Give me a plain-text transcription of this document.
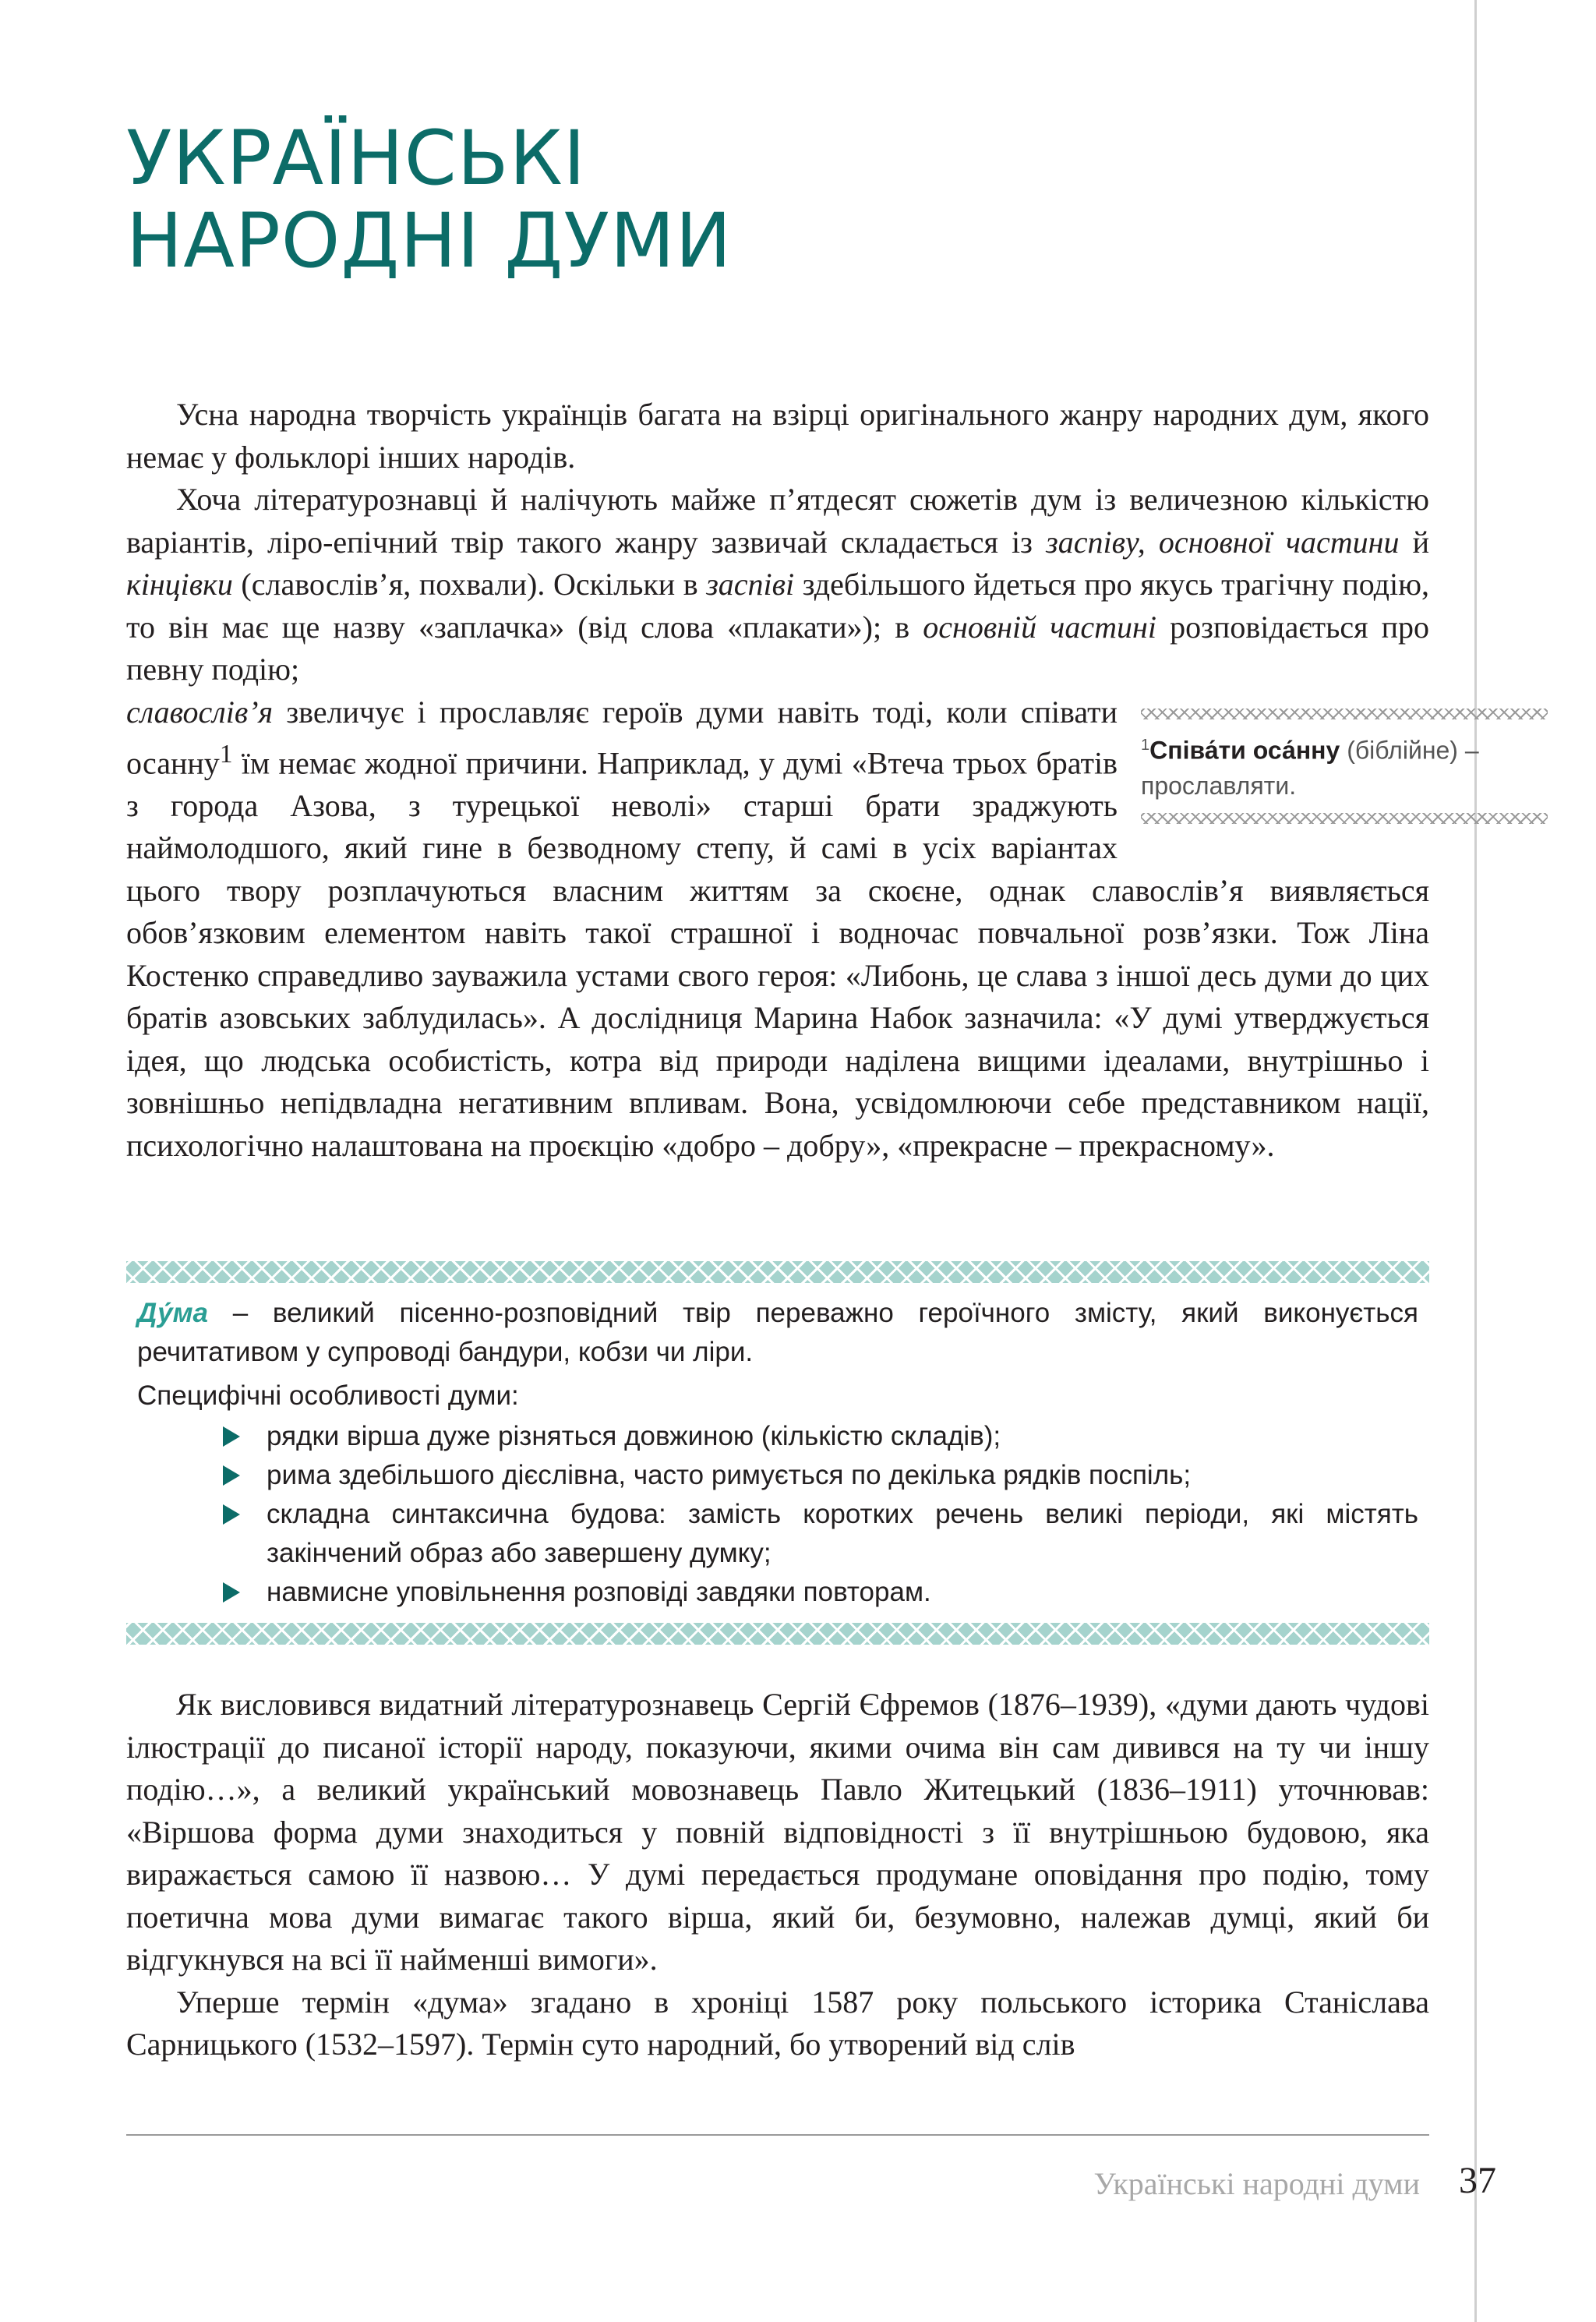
УКРАЇНСЬКІ
НАРОДНІ ДУМИ

Усна народна творчість українців багата на взірці оригінального жанру народних дум, якого немає у фольклорі інших народів.

Хоча літературознавці й налічують майже п’ятдесят сюжетів дум із величезною кількістю варіантів, ліро-епічний твір такого жанру зазвичай складається із заспіву, основної частини й кінцівки (славослів’я, похвали). Оскільки в заспіві здебільшого йдеться про якусь трагічну подію, то він має ще назву «заплачка» (від слова «плакати»); в основній частині розповідається про певну подію;

$^1$Співа́ти оса́нну (біблійне) – прославляти.

славослів’я звеличує і прославляє героїв думи навіть тоді, коли співати осанну$^1$ їм немає жодної причини. Наприклад, у думі «Втеча трьох братів з города Азова, з турецької неволі» старші брати зраджують наймолодшого, який гине в безводному степу, й самі в усіх варіантах цього твору розплачуються власним життям за скоєне, однак славослів’я виявляється обов’язковим елементом навіть такої страшної і водночас повчальної розв’язки. Тож Ліна Костенко справедливо зауважила устами свого героя: «Либонь, це слава з іншої десь думи до цих братів азовських заблудилась». А дослідниця Марина Набок зазначила: «У думі утверджується ідея, що людська особистість, котра від природи наділена вищими ідеалами, внутрішньо і зовнішньо непідвладна негативним впливам. Вона, усвідомлюючи себе представником нації, психологічно налаштована на проєкцію «добро – добру», «прекрасне – прекрасному».

Ду́ма – великий пісенно-розповідний твір переважно героїчного змісту, який виконується речитативом у супроводі бандури, кобзи чи ліри.

Специфічні особливості думи:

рядки вірша дуже різняться довжиною (кількістю складів);
рима здебільшого дієслівна, часто римується по декілька рядків поспіль;
складна синтаксична будова: замість коротких речень великі періоди, які містять закінчений образ або завершену думку;
навмисне уповільнення розповіді завдяки повторам.

Як висловився видатний літературознавець Сергій Єфремов (1876–1939), «думи дають чудові ілюстрації до писаної історії народу, показуючи, якими очима він сам дивився на ту чи іншу подію…», а великий український мовознавець Павло Житецький (1836–1911) уточнював: «Віршова форма думи знаходиться у повній відповідності з її внутрішньою будовою, яка виражається самою її назвою… У думі передається продумане оповідання про подію, тому поетична мова думи вимагає такого вірша, який би, безумовно, належав думці, який би відгукнувся на всі її найменші вимоги».

Уперше термін «дума» згадано в хроніці 1587 року польського історика Станіслава Сарницького (1532–1597). Термін суто народний, бо утворений від слів

Українські народні думи 37
